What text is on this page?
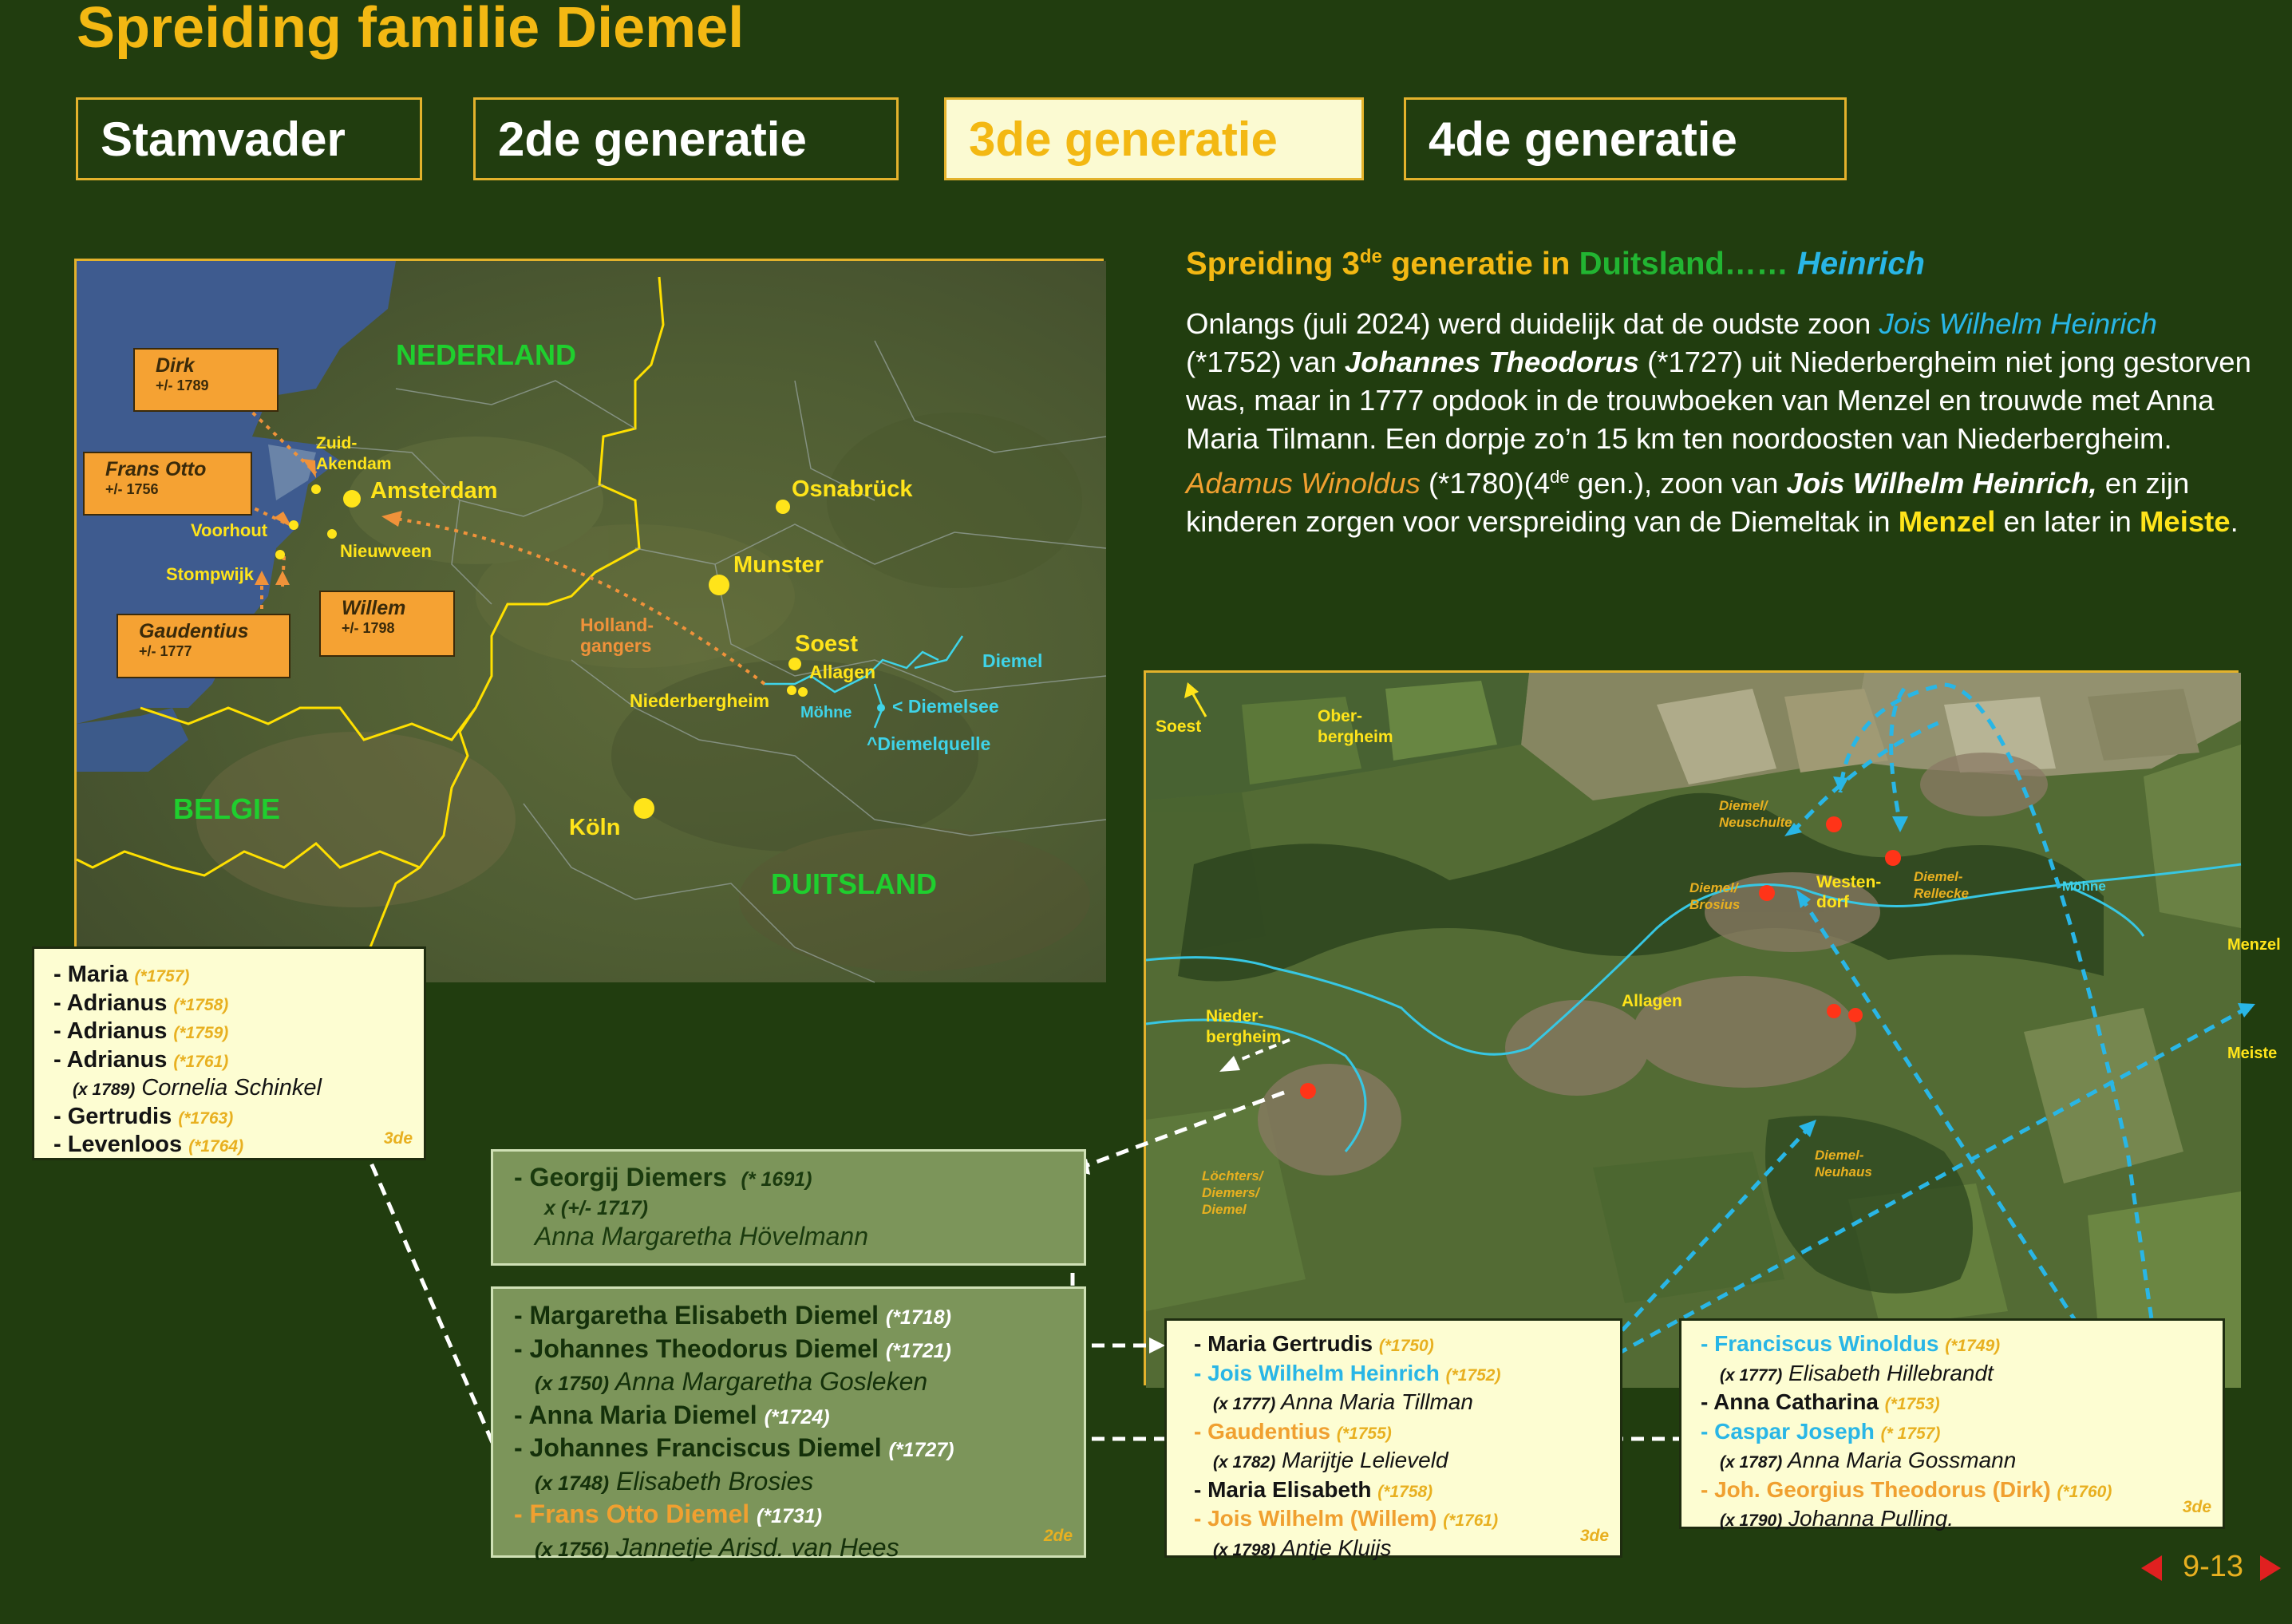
Spreiding familie Diemel
Stamvader	2de generatie	3de generatie	4de generatie
NEDERLAND
BELGIE
DUITSLAND
Amsterdam
Zuid-
Akendam
Voorhout
Nieuwveen
Stompwijk
Osnabrück
Munster
Soest
Allagen
Niederbergheim
Möhne
Diemel
< Diemelsee
^Diemelquelle
Köln
Holland-
gangers
Dirk
+/- 1789
Frans Otto
+/- 1756
Willem
+/- 1798
Gaudentius
+/- 1777
Spreiding 3de generatie in Duitsland…… Heinrich
Onlangs (juli 2024) werd duidelijk dat de oudste zoon Jois Wilhelm Heinrich (*1752) van Johannes Theodorus (*1727) uit Niederbergheim niet jong gestorven was, maar in 1777 opdook in de trouwboeken van Menzel en trouwde met Anna Maria Tilmann. Een dorpje zo’n 15 km ten noordoosten van Niederbergheim.
Adamus Winoldus (*1780)(4de gen.), zoon van Jois Wilhelm Heinrich, en zijn kinderen zorgen voor verspreiding van de Diemeltak in Menzel en later in Meiste.
Soest
Ober-
bergheim
Diemel/
Neuschulte
Diemel/
Brosius
Westen-
dorf
Diemel-
Rellecke	Möhne
Menzel
Meiste
Nieder-
bergheim
Allagen
Löchters/
Diemers/
Diemel
Diemel-
Neuhaus
- Maria (*1757)
- Adrianus (*1758)
- Adrianus (*1759)
- Adrianus (*1761)
(x 1789) Cornelia Schinkel
- Gertrudis (*1763)
- Levenloos (*1764)	3de
- Georgij Diemers (* 1691)
x (+/- 1717)
Anna Margaretha Hövelmann
- Margaretha Elisabeth Diemel (*1718)
- Johannes Theodorus Diemel (*1721)
(x 1750) Anna Margaretha Gosleken
- Anna Maria Diemel (*1724)
- Johannes Franciscus Diemel (*1727)
(x 1748) Elisabeth Brosies
- Frans Otto Diemel (*1731)
(x 1756) Jannetje Arisd. van Hees	2de
- Maria Gertrudis (*1750)
- Jois Wilhelm Heinrich (*1752)
(x 1777) Anna Maria Tillman
- Gaudentius (*1755)
(x 1782) Marijtje Lelieveld
- Maria Elisabeth (*1758)
- Jois Wilhelm (Willem) (*1761)
(x 1798) Antje Kluijs	3de
- Franciscus Winoldus (*1749)
(x 1777) Elisabeth Hillebrandt
- Anna Catharina (*1753)
- Caspar Joseph (* 1757)
(x 1787) Anna Maria Gossmann
- Joh. Georgius Theodorus (Dirk) (*1760)
(x 1790) Johanna Pulling.	3de
9-13
